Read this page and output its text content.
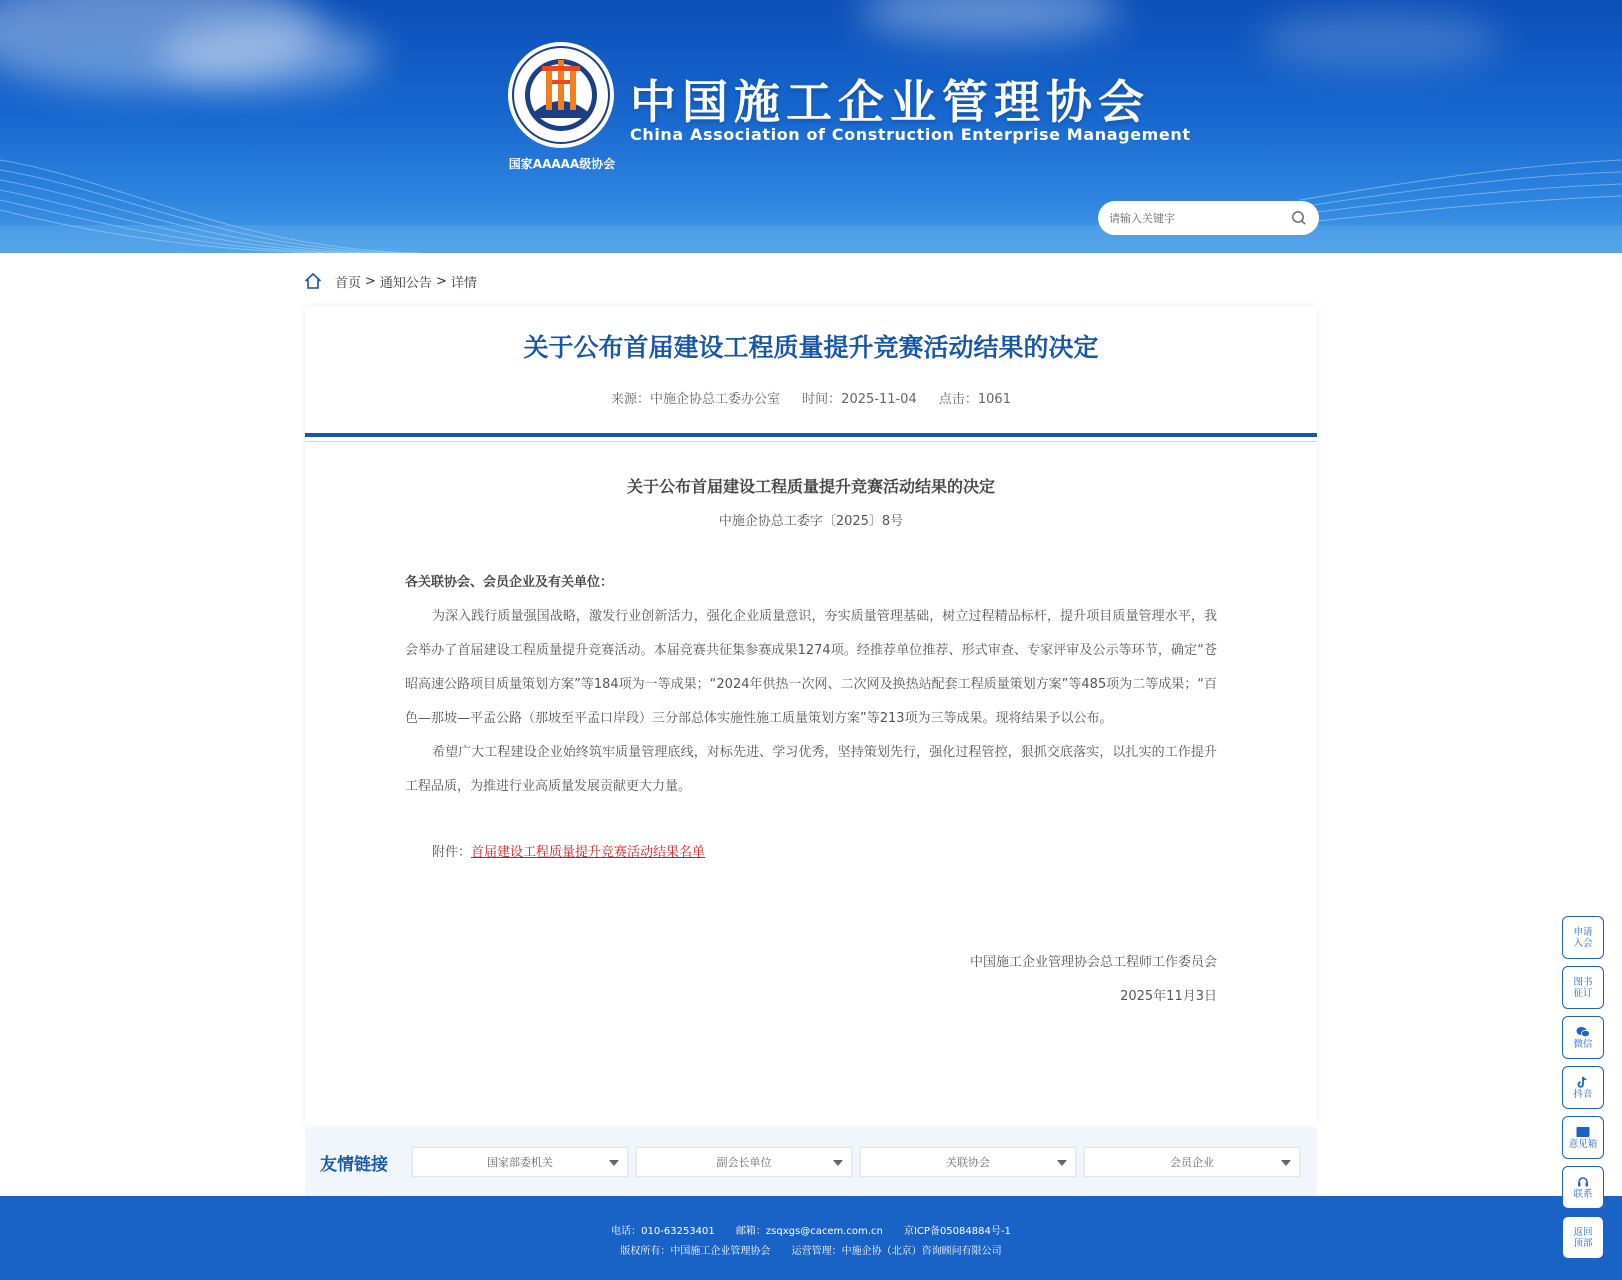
国家AAAAA级协会
中国施工企业管理协会
China Association of Construction Enterprise Management
请输入关键字
首页 > 通知公告 > 详情
关于公布首届建设工程质量提升竞赛活动结果的决定
来源：中施企协总工委办公室 时间：2025-11-04 点击：1061
关于公布首届建设工程质量提升竞赛活动结果的决定
中施企协总工委字〔2025〕8号

各关联协会、会员企业及有关单位：

为深入践行质量强国战略，激发行业创新活力，强化企业质量意识，夯实质量管理基础，树立过程精品标杆，提升项目质量管理水平，我会举办了首届建设工程质量提升竞赛活动。本届竞赛共征集参赛成果1274项。经推荐单位推荐、形式审查、专家评审及公示等环节，确定“苍昭高速公路项目质量策划方案”等184项为一等成果；“2024年供热一次网、二次网及换热站配套工程质量策划方案”等485项为二等成果；“百色—那坡—平孟公路（那坡至平孟口岸段）三分部总体实施性施工质量策划方案”等213项为三等成果。现将结果予以公布。

希望广大工程建设企业始终筑牢质量管理底线，对标先进、学习优秀，坚持策划先行，强化过程管控，狠抓交底落实，以扎实的工作提升工程品质，为推进行业高质量发展贡献更大力量。

附件：首届建设工程质量提升竞赛活动结果名单

中国施工企业管理协会总工程师工作委员会
2025年11月3日
友情链接	国家部委机关	副会长单位	关联协会	会员企业
电话：010-63253401 邮箱：zsqxgs@cacem.com.cn 京ICP备05084884号-1
版权所有：中国施工企业管理协会 运营管理：中施企协（北京）咨询顾问有限公司
申请
入会
图书
征订
微信
抖音
意见箱
联系
返回
顶部
